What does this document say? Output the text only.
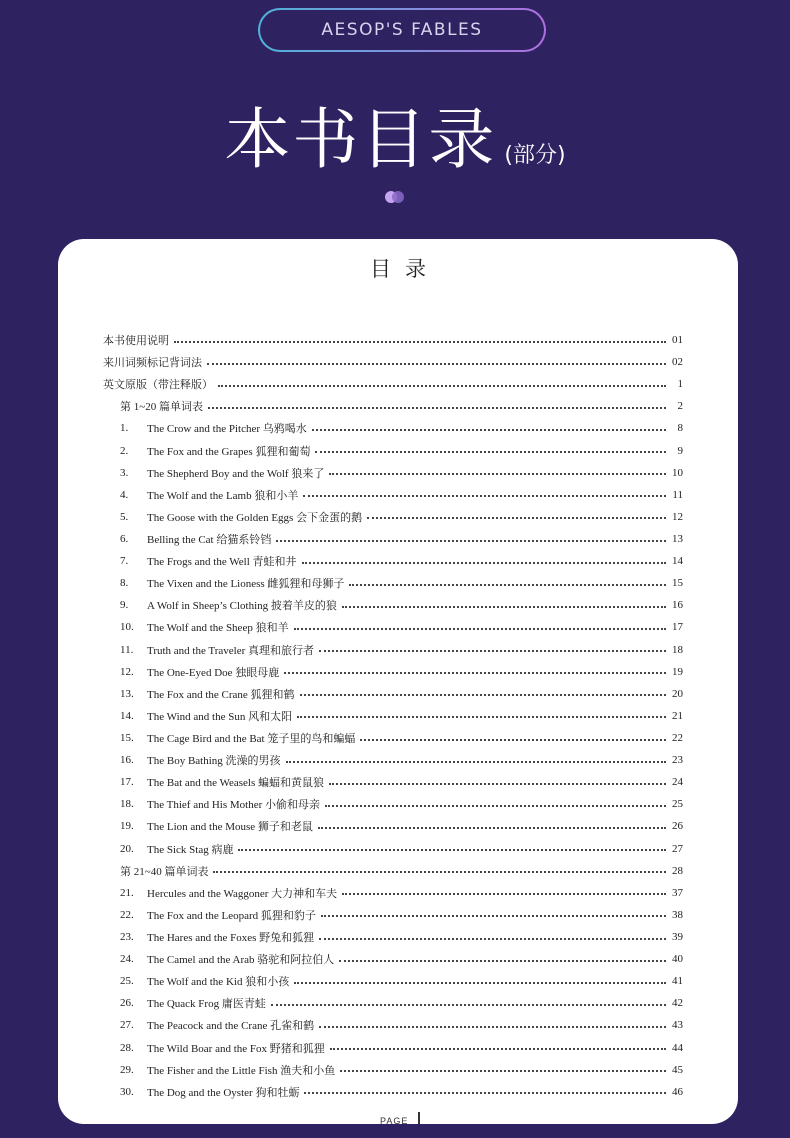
AESOP'S FABLES
本书目录 (部分)
目录
本书使用说明	01
来川词频标记背词法	02
英文原版（带注释版）	1
第 1~20 篇单词表	2
1.	The Crow and the Pitcher 乌鸦喝水	8
2.	The Fox and the Grapes 狐狸和葡萄	9
3.	The Shepherd Boy and the Wolf 狼来了	10
4.	The Wolf and the Lamb 狼和小羊	11
5.	The Goose with the Golden Eggs 会下金蛋的鹅	12
6.	Belling the Cat 给猫系铃铛	13
7.	The Frogs and the Well 青蛙和井	14
8.	The Vixen and the Lioness 雌狐狸和母狮子	15
9.	A Wolf in Sheep’s Clothing 披着羊皮的狼	16
10.	The Wolf and the Sheep 狼和羊	17
11.	Truth and the Traveler 真理和旅行者	18
12.	The One-Eyed Doe 独眼母鹿	19
13.	The Fox and the Crane 狐狸和鹤	20
14.	The Wind and the Sun 风和太阳	21
15.	The Cage Bird and the Bat 笼子里的鸟和蝙蝠	22
16.	The Boy Bathing 洗澡的男孩	23
17.	The Bat and the Weasels 蝙蝠和黄鼠狼	24
18.	The Thief and His Mother 小偷和母亲	25
19.	The Lion and the Mouse 狮子和老鼠	26
20.	The Sick Stag 病鹿	27
第 21~40 篇单词表	28
21.	Hercules and the Waggoner 大力神和车夫	37
22.	The Fox and the Leopard 狐狸和豹子	38
23.	The Hares and the Foxes 野兔和狐狸	39
24.	The Camel and the Arab 骆驼和阿拉伯人	40
25.	The Wolf and the Kid 狼和小孩	41
26.	The Quack Frog 庸医青蛙	42
27.	The Peacock and the Crane 孔雀和鹤	43
28.	The Wild Boar and the Fox 野猪和狐狸	44
29.	The Fisher and the Little Fish 渔夫和小鱼	45
30.	The Dog and the Oyster 狗和牡蛎	46
PAGE
